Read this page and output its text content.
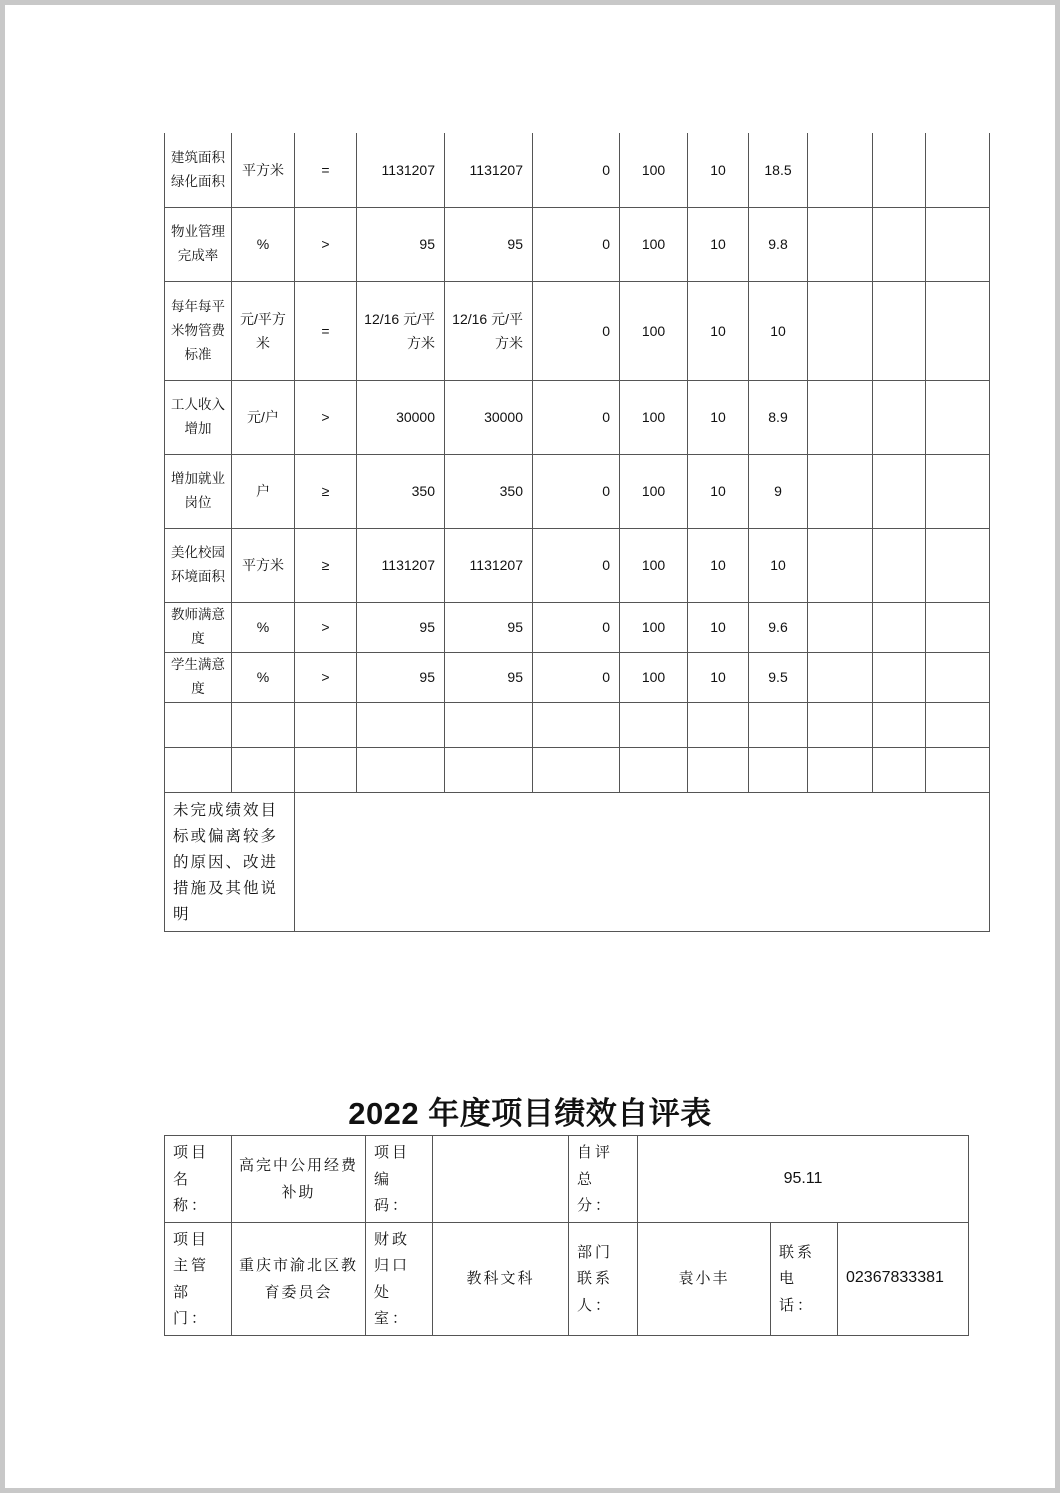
建筑面积绿化面积	平方米	=	1131207	1131207	0	100	10	18.5			
物业管理完成率	%	>	95	95	0	100	10	9.8			
每年每平米物管费标准	元/平方米	=	12/16 元/平方米	12/16 元/平方米	0	100	10	10			
工人收入增加	元/户	>	30000	30000	0	100	10	8.9			
增加就业岗位	户	≥	350	350	0	100	10	9			
美化校园环境面积	平方米	≥	1131207	1131207	0	100	10	10			
教师满意度	%	>	95	95	0	100	10	9.6			
学生满意度	%	>	95	95	0	100	10	9.5			

未完成绩效目标或偏离较多的原因、改进措施及其他说明											
2022 年度项目绩效自评表
项目名称：	高完中公用经费补助	项目编码：		自评总分：	95.11		
项目主管部门：	重庆市渝北区教育委员会	财政归口处室：	教科文科	部门联系人：	袁小丰	联系电话：	02367833381
